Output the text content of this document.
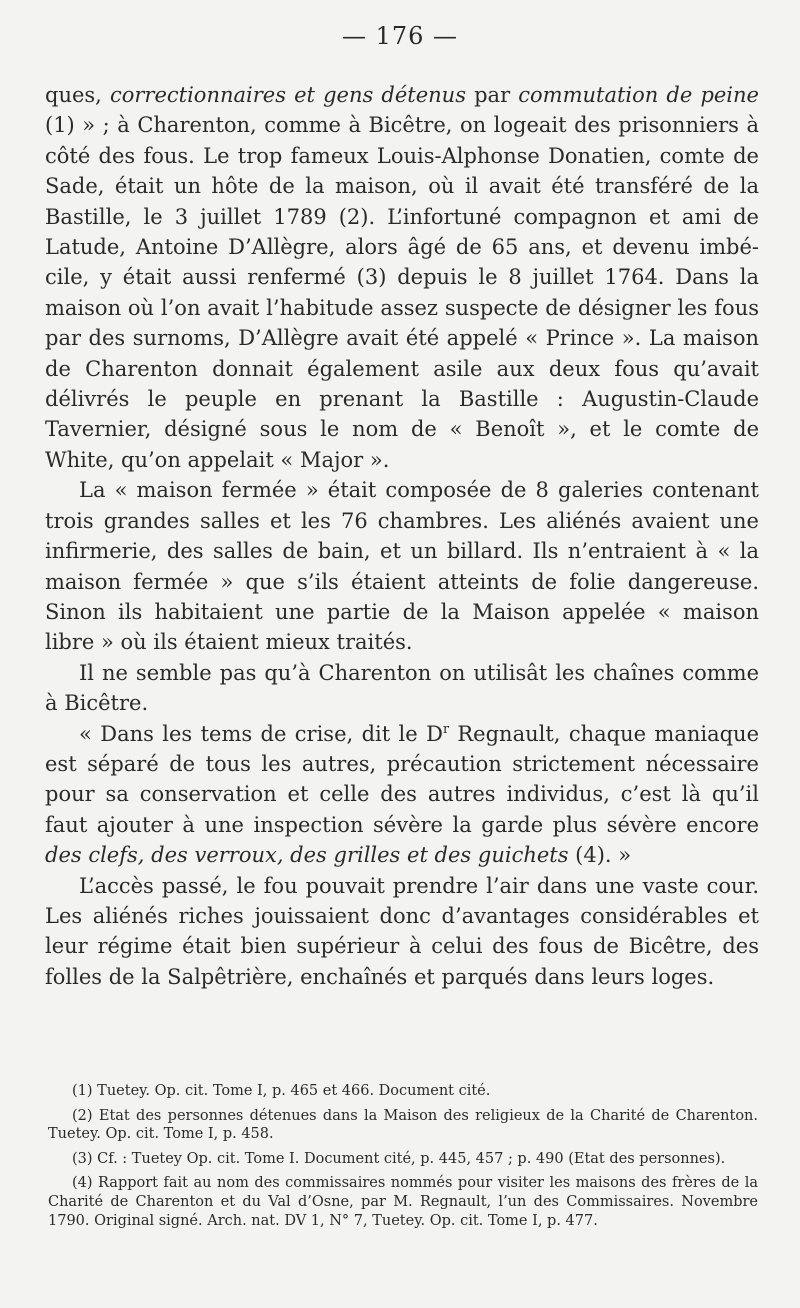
— 176 —

ques, correctionnaires et gens détenus par commutation de peine (1) » ; à Charenton, comme à Bicêtre, on logeait des prisonniers à côté des fous. Le trop fameux Louis-Alphonse Donatien, comte de Sade, était un hôte de la maison, où il avait été transféré de la Bastille, le 3 juillet 1789 (2). L’infortuné compagnon et ami de Latude, Antoine D’Allègre, alors âgé de 65 ans, et devenu imbécile, y était aussi renfermé (3) depuis le 8 juillet 1764. Dans la maison où l’on avait l’habitude assez suspecte de désigner les fous par des surnoms, D’Allègre avait été appelé « Prince ». La maison de Charenton donnait également asile aux deux fous qu’avait délivrés le peuple en prenant la Bastille : Augustin-Claude Tavernier, désigné sous le nom de « Benoît », et le comte de White, qu’on appelait « Major ».

La « maison fermée » était composée de 8 galeries contenant trois grandes salles et les 76 chambres. Les aliénés avaient une infirmerie, des salles de bain, et un billard. Ils n’entraient à « la maison fermée » que s’ils étaient atteints de folie dangereuse. Sinon ils habitaient une partie de la Maison appelée « maison libre » où ils étaient mieux traités.

Il ne semble pas qu’à Charenton on utilisât les chaînes comme à Bicêtre.

« Dans les tems de crise, dit le $D^r$ Regnault, chaque maniaque est séparé de tous les autres, précaution strictement nécessaire pour sa conservation et celle des autres individus, c’est là qu’il faut ajouter à une inspection sévère la garde plus sévère encore des clefs, des verroux, des grilles et des guichets (4). »

L’accès passé, le fou pouvait prendre l’air dans une vaste cour. Les aliénés riches jouissaient donc d’avantages considérables et leur régime était bien supérieur à celui des fous de Bicêtre, des folles de la Salpêtrière, enchaînés et parqués dans leurs loges.

(1) Tuetey. Op. cit. Tome I, p. 465 et 466. Document cité.

(2) Etat des personnes détenues dans la Maison des religieux de la Charité de Charenton. Tuetey. Op. cit. Tome I, p. 458.

(3) Cf. : Tuetey Op. cit. Tome I. Document cité, p. 445, 457 ; p. 490 (Etat des personnes).

(4) Rapport fait au nom des commissaires nommés pour visiter les maisons des frères de la Charité de Charenton et du Val d’Osne, par M. Regnault, l’un des Commissaires. Novembre 1790. Original signé. Arch. nat. DV 1, N° 7, Tuetey. Op. cit. Tome I, p. 477.
